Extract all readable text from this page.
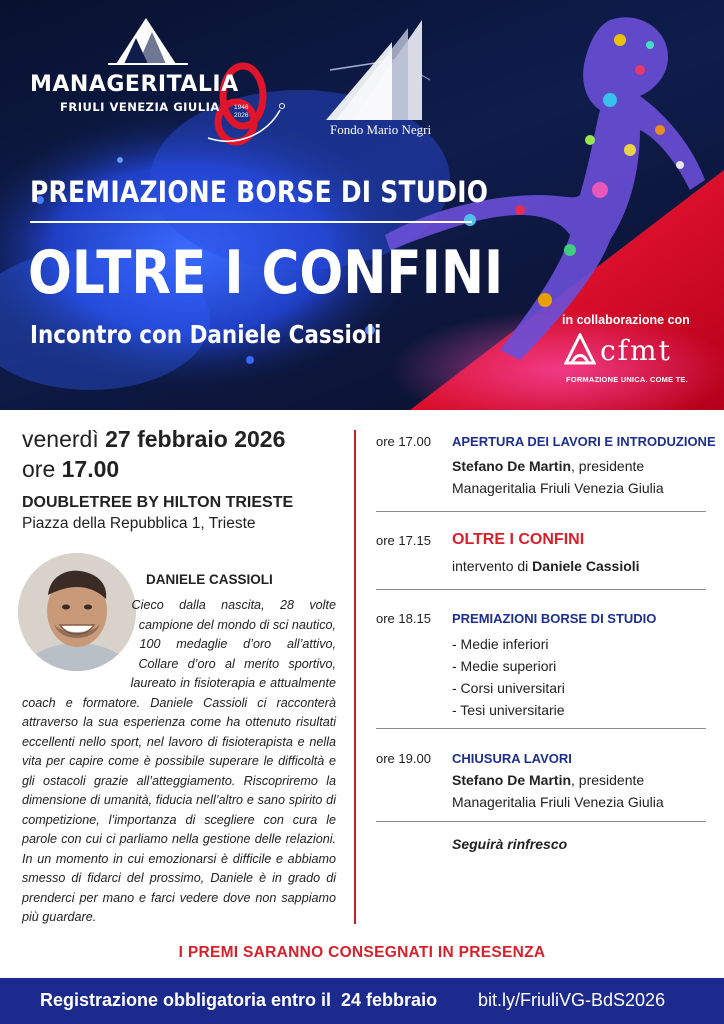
MANAGERITALIA
FRIULI VENEZIA GIULIA 1946
2026
Fondo Mario Negri
PREMIAZIONE BORSE DI STUDIO
OLTRE I CONFINI
Incontro con Daniele Cassioli	in collaborazione con
cfmt
FORMAZIONE UNICA. COME TE.
venerdì 27 febbraio 2026
ore 17.00
DOUBLETREE BY HILTON TRIESTE
Piazza della Repubblica 1, Trieste
DANIELE CASSIOLI

Cieco dalla nascita, 28 volte campione del mondo di sci nautico, 100 medaglie d’oro all’attivo, Collare d’oro al merito sportivo, laureato in fisioterapia e attualmente coach e formatore. Daniele Cassioli ci racconterà attraverso la sua esperienza come ha ottenuto risultati eccellenti nello sport, nel lavoro di fisioterapista e nella vita per capire come è possibile superare le difficoltà e gli ostacoli grazie all’atteggiamento. Riscopriremo la dimensione di umanità, fiducia nell’altro e sano spirito di competizione, l’importanza di scegliere con cura le parole con cui ci parliamo nella gestione delle relazioni. In un momento in cui emozionarsi è difficile e abbiamo smesso di fidarci del prossimo, Daniele è in grado di prenderci per mano e farci vedere dove non sappiamo più guardare.

ore 17.00 APERTURA DEI LAVORI E INTRODUZIONE
Stefano De Martin, presidente
Manageritalia Friuli Venezia Giulia
ore 17.15 OLTRE I CONFINI
intervento di Daniele Cassioli
ore 18.15 PREMIAZIONI BORSE DI STUDIO
- Medie inferiori
- Medie superiori
- Corsi universitari
- Tesi universitarie
ore 19.00 CHIUSURA LAVORI
Stefano De Martin, presidente
Manageritalia Friuli Venezia Giulia
Seguirà rinfresco
I PREMI SARANNO CONSEGNATI IN PRESENZA
Registrazione obbligatoria entro il  24 febbraio bit.ly/FriuliVG-BdS2026
